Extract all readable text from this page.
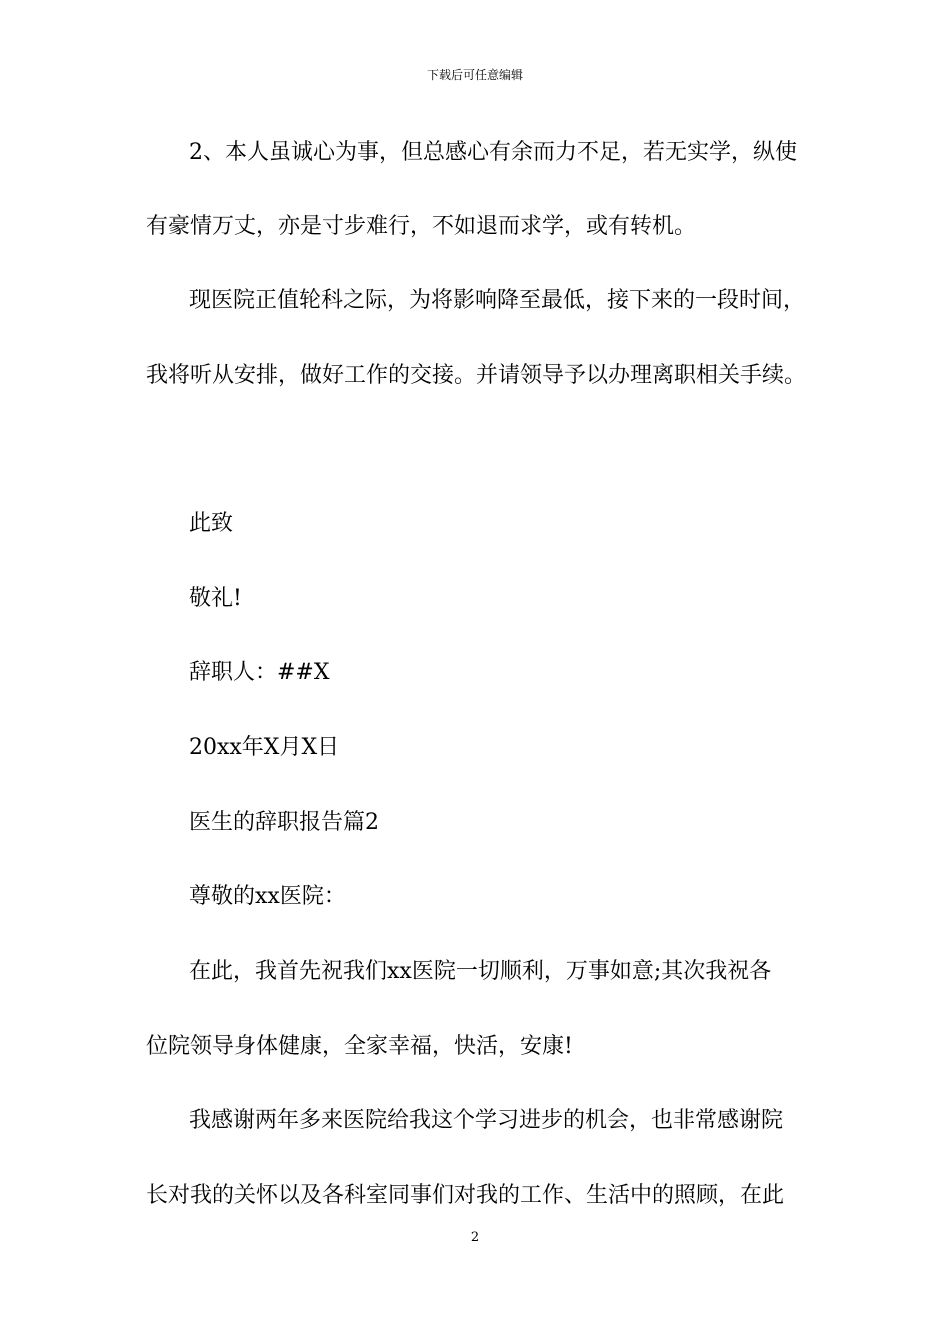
下载后可任意编辑
2、本人虽诚心为事，但总感心有余而力不足，若无实学，纵使
有豪情万丈，亦是寸步难行，不如退而求学，或有转机。
现医院正值轮科之际，为将影响降至最低，接下来的一段时间，
我将听从安排，做好工作的交接。并请领导予以办理离职相关手续。
此致
敬礼!
辞职人：##X
20xx年X月X日
医生的辞职报告篇2
尊敬的xx医院：
在此，我首先祝我们xx医院一切顺利，万事如意;其次我祝各
位院领导身体健康，全家幸福，快活，安康!
我感谢两年多来医院给我这个学习进步的机会，也非常感谢院
长对我的关怀以及各科室同事们对我的工作、生活中的照顾，在此
2
